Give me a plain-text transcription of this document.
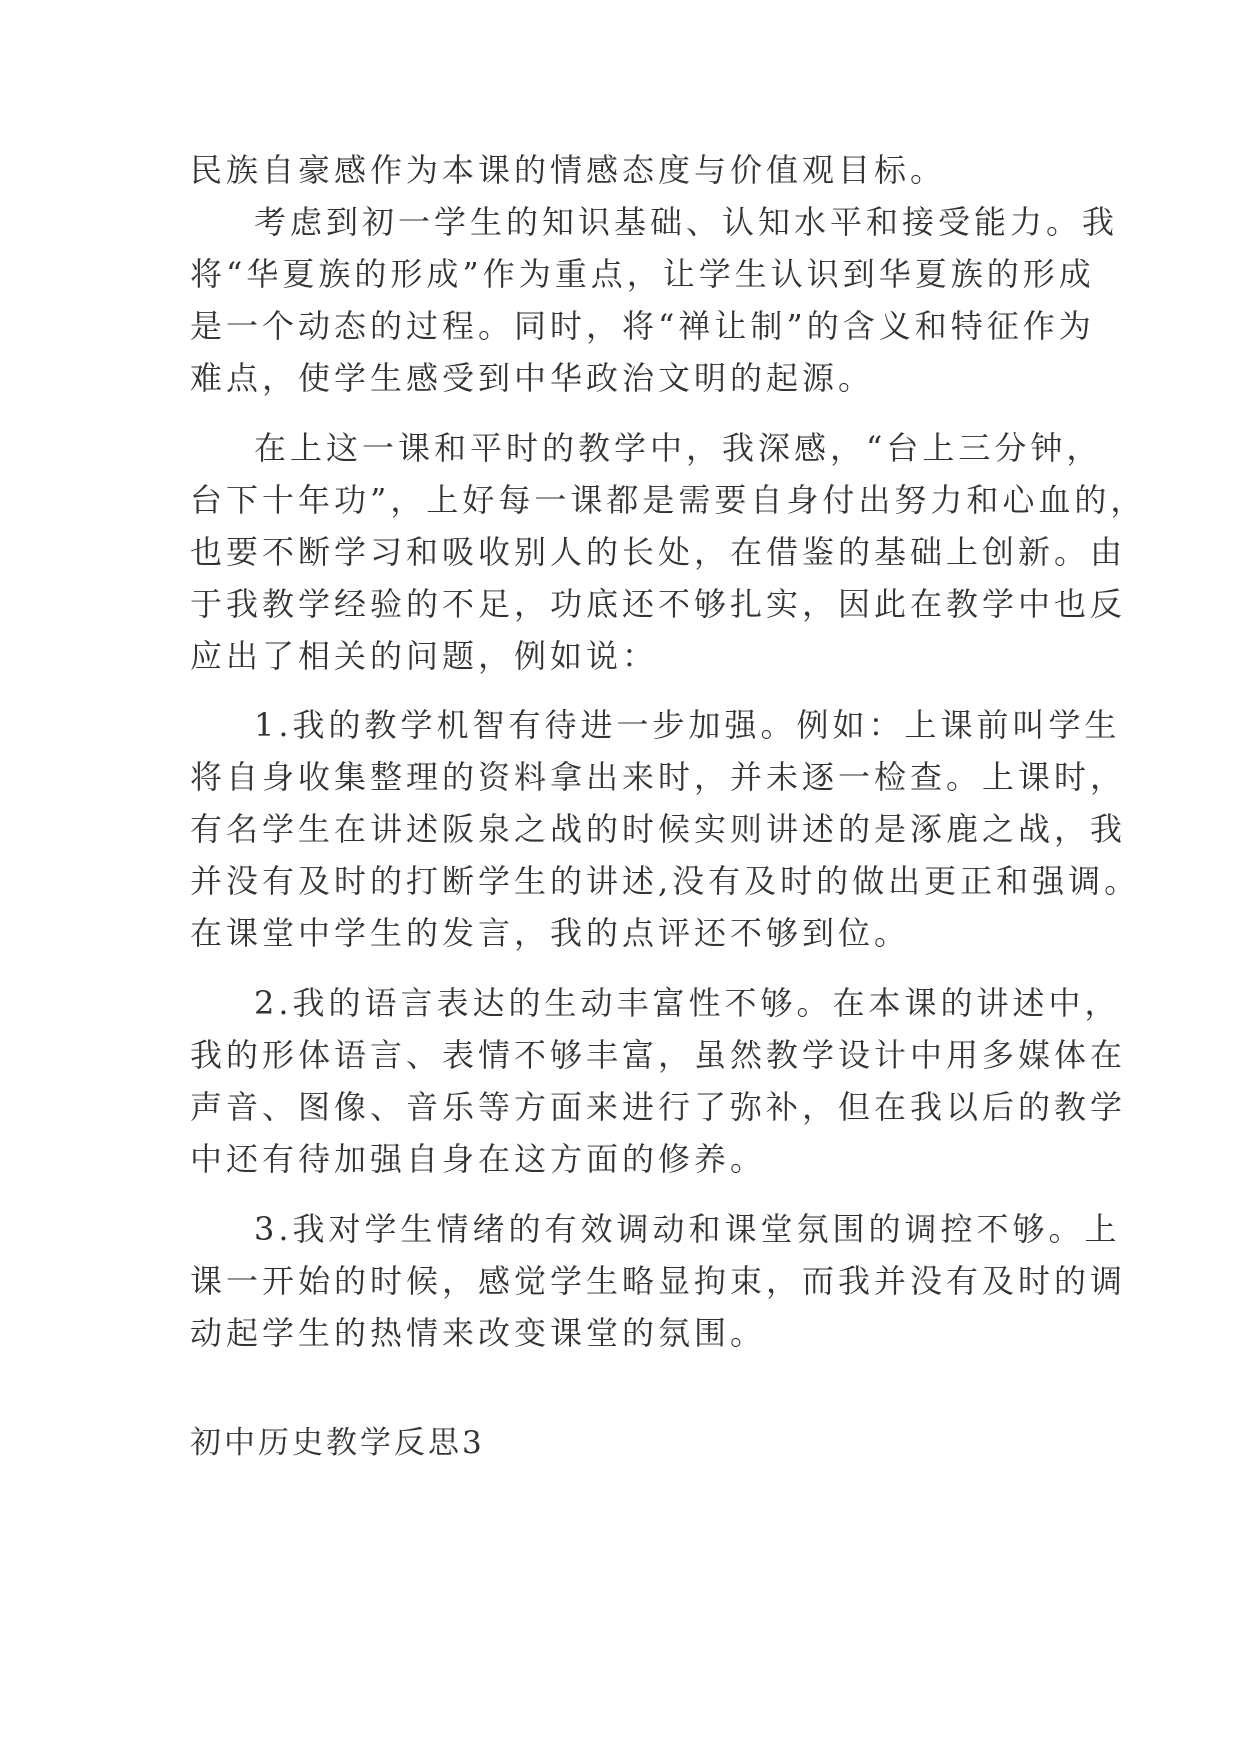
民族自豪感作为本课的情感态度与价值观目标。
考虑到初一学生的知识基础、认知水平和接受能力。我
将“华夏族的形成”作为重点，让学生认识到华夏族的形成
是一个动态的过程。同时，将“禅让制”的含义和特征作为
难点，使学生感受到中华政治文明的起源。
在上这一课和平时的教学中，我深感，“台上三分钟，
台下十年功”，上好每一课都是需要自身付出努力和心血的，
也要不断学习和吸收别人的长处，在借鉴的基础上创新。由
于我教学经验的不足，功底还不够扎实，因此在教学中也反
应出了相关的问题，例如说：
1.我的教学机智有待进一步加强。例如：上课前叫学生
将自身收集整理的资料拿出来时，并未逐一检查。上课时，
有名学生在讲述阪泉之战的时候实则讲述的是涿鹿之战，我
并没有及时的打断学生的讲述,没有及时的做出更正和强调。
在课堂中学生的发言，我的点评还不够到位。
2.我的语言表达的生动丰富性不够。在本课的讲述中，
我的形体语言、表情不够丰富，虽然教学设计中用多媒体在
声音、图像、音乐等方面来进行了弥补，但在我以后的教学
中还有待加强自身在这方面的修养。
3.我对学生情绪的有效调动和课堂氛围的调控不够。上
课一开始的时候，感觉学生略显拘束，而我并没有及时的调
动起学生的热情来改变课堂的氛围。
初中历史教学反思3
